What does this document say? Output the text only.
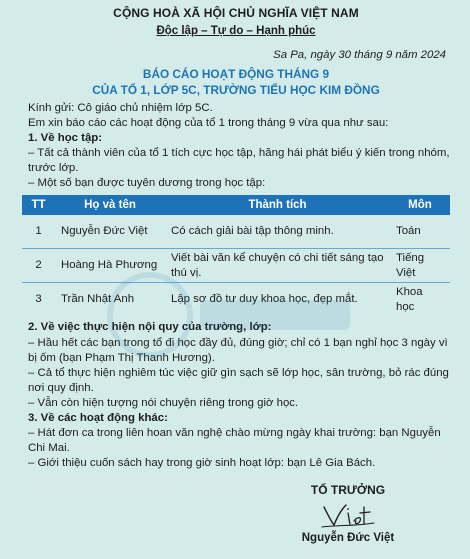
CỘNG HOÀ XÃ HỘI CHỦ NGHĨA VIỆT NAM
Độc lập – Tự do – Hạnh phúc
Sa Pa, ngày 30 tháng 9 năm 2024
BÁO CÁO HOẠT ĐỘNG THÁNG 9
CỦA TỔ 1, LỚP 5C, TRƯỜNG TIỂU HỌC KIM ĐỒNG

Kính gửi: Cô giáo chủ nhiệm lớp 5C.

Em xin báo cáo các hoạt động của tổ 1 trong tháng 9 vừa qua như sau:

1. Về học tập:

– Tất cả thành viên của tổ 1 tích cực học tập, hăng hái phát biểu ý kiến trong nhóm, trước lớp.

– Một số bạn được tuyên dương trong học tập:

TT	Họ và tên	Thành tích	Môn
1	Nguyễn Đức Việt	Có cách giải bài tập thông minh.	Toán
2	Hoàng Hà Phương	Viết bài văn kể chuyện có chi tiết sáng tạo thú vị.	Tiếng Việt
3	Trần Nhật Anh	Lập sơ đồ tư duy khoa học, đẹp mắt.	Khoa học

2. Về việc thực hiện nội quy của trường, lớp:

– Hầu hết các bạn trong tổ đi học đầy đủ, đúng giờ; chỉ có 1 bạn nghỉ học 3 ngày vì bị ốm (bạn Phạm Thị Thanh Hương).

– Cả tổ thực hiện nghiêm túc việc giữ gìn sạch sẽ lớp học, sân trường, bỏ rác đúng nơi quy định.

– Vẫn còn hiện tượng nói chuyện riêng trong giờ học.

3. Về các hoạt động khác:

– Hát đơn ca trong liên hoan văn nghệ chào mừng ngày khai trường: bạn Nguyễn Chi Mai.

– Giới thiệu cuốn sách hay trong giờ sinh hoạt lớp: bạn Lê Gia Bách.

TỔ TRƯỞNG
Nguyễn Đức Việt
